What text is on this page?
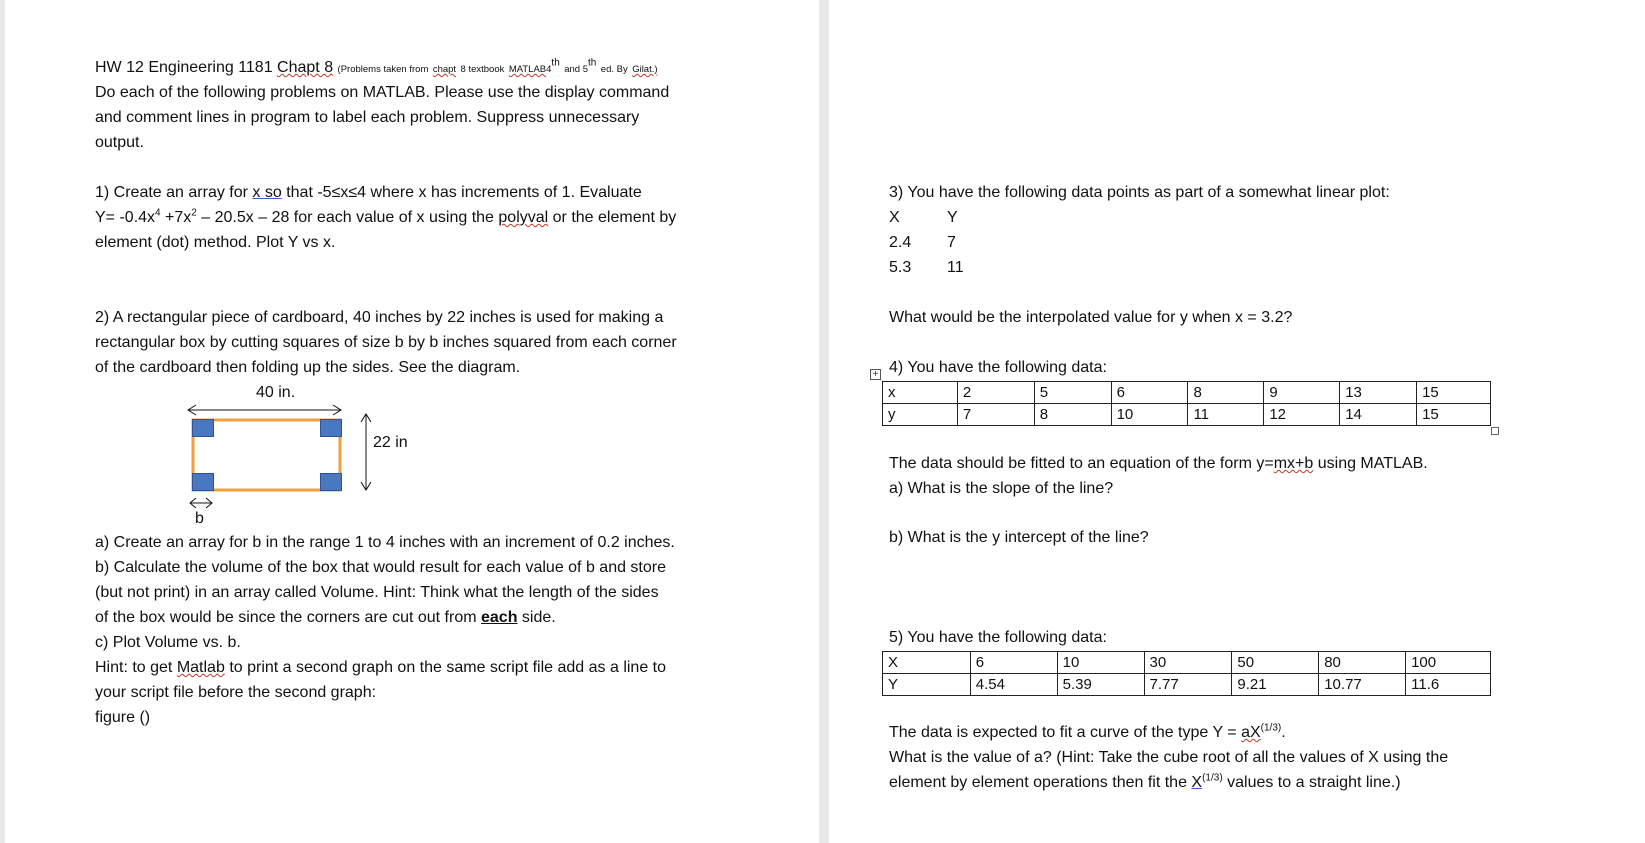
HW 12 Engineering 1181 Chapt 8 (Problems taken from chapt 8 textbook MATLAB4th and 5th ed. By Gilat.)
Do each of the following problems on MATLAB. Please use the display command
and comment lines in program to label each problem. Suppress unnecessary
output.
1) Create an array for x so that -5≤x≤4 where x has increments of 1. Evaluate
$Y= -0.4x^4 +7x^2 - 20.5x - 28$ for each value of x using the polyval or the element by
element (dot) method. Plot Y vs x.
2) A rectangular piece of cardboard, 40 inches by 22 inches is used for making a
rectangular box by cutting squares of size b by b inches squared from each corner
of the cardboard then folding up the sides. See the diagram.
40 in.
22 in
b
a) Create an array for b in the range 1 to 4 inches with an increment of 0.2 inches.
b) Calculate the volume of the box that would result for each value of b and store
(but not print) in an array called Volume. Hint: Think what the length of the sides
of the box would be since the corners are cut out from each side.
c) Plot Volume vs. b.
Hint: to get Matlab to print a second graph on the same script file add as a line to
your script file before the second graph:
figure ()
3) You have the following data points as part of a somewhat linear plot:
X	Y
2.4 7
5.3 11
What would be the interpolated value for y when x = 3.2?
+ 4) You have the following data:
x	2	5	6	8	9	13	15
y	7	8	10	11	12	14	15
The data should be fitted to an equation of the form y=mx+b using MATLAB.
a) What is the slope of the line?
b) What is the y intercept of the line?
5) You have the following data:
X	6	10	30	50	80	100
Y	4.54	5.39	7.77	9.21	10.77	11.6
The data is expected to fit a curve of the type $Y = aX^{(1/3)}$.
What is the value of a? (Hint: Take the cube root of all the values of X using the
element by element operations then fit the $X^{(1/3)}$ values to a straight line.)
